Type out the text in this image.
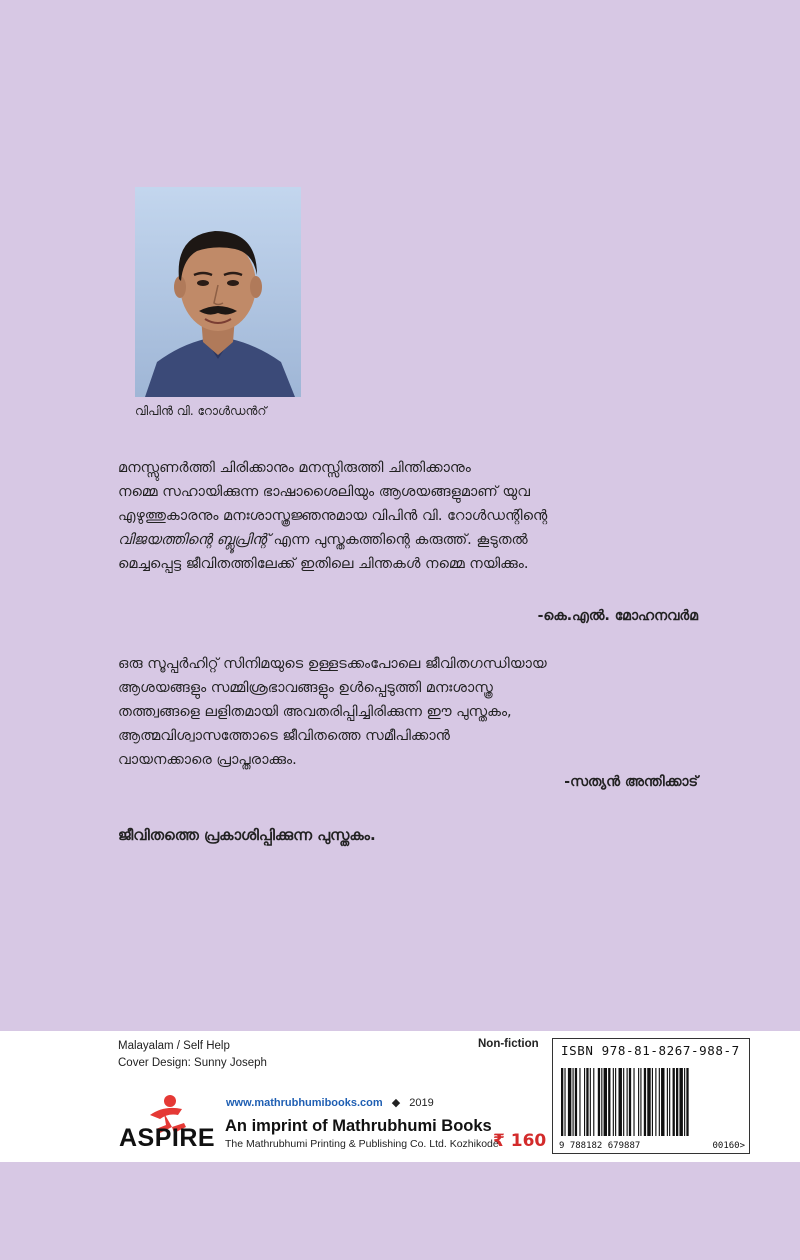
വിപിൻ വി. റോൾഡൻറ്
മനസ്സുണർത്തി ചിരിക്കാനും മനസ്സിരുത്തി ചിന്തിക്കാനും
നമ്മെ സഹായിക്കുന്ന ഭാഷാശൈലിയും ആശയങ്ങളുമാണ് യുവ
എഴുത്തുകാരനും മനഃശാസ്ത്രജ്ഞനുമായ വിപിൻ വി. റോൾഡന്റിന്റെ
വിജയത്തിന്റെ ബ്ലൂപ്രിന്റ് എന്ന പുസ്തകത്തിന്റെ കരുത്ത്. കൂടുതൽ
മെച്ചപ്പെട്ട ജീവിതത്തിലേക്ക് ഇതിലെ ചിന്തകൾ നമ്മെ നയിക്കും.
-കെ.എൽ. മോഹനവർമ
ഒരു സൂപ്പർഹിറ്റ് സിനിമയുടെ ഉള്ളടക്കംപോലെ ജീവിതഗന്ധിയായ
ആശയങ്ങളും സമ്മിശ്രഭാവങ്ങളും ഉൾപ്പെടുത്തി മനഃശാസ്ത്ര
തത്ത്വങ്ങളെ ലളിതമായി അവതരിപ്പിച്ചിരിക്കുന്ന ഈ പുസ്തകം,
ആത്മവിശ്വാസത്തോടെ ജീവിതത്തെ സമീപിക്കാൻ
വായനക്കാരെ പ്രാപ്തരാക്കും.
-സത്യൻ അന്തിക്കാട്
ജീവിതത്തെ പ്രകാശിപ്പിക്കുന്ന പുസ്തകം.
Malayalam / Self Help
Cover Design: Sunny Joseph
Non-fiction ISBN 978-81-8267-988-7
9 788182 679887	00160>
ASPIRE
www.mathrubhumibooks.com ◆ 2019
An imprint of Mathrubhumi Books
The Mathrubhumi Printing & Publishing Co. Ltd. Kozhikode
₹ 160
